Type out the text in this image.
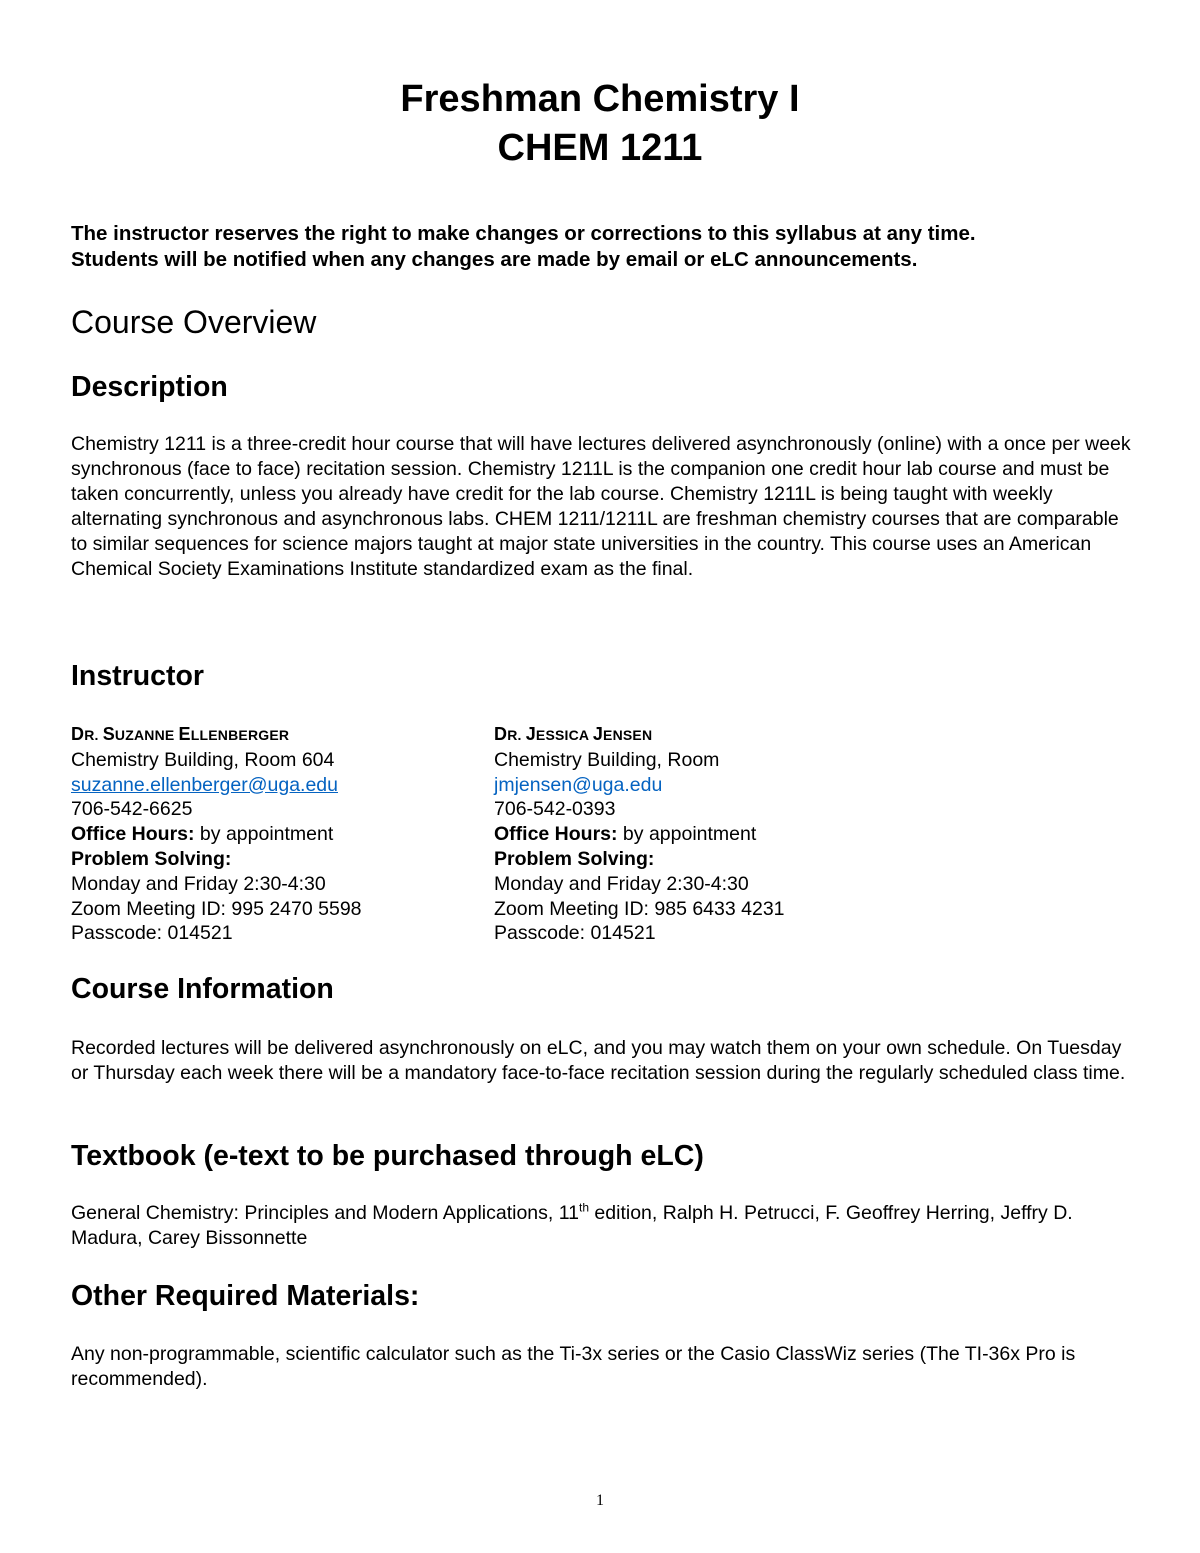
Freshman Chemistry I
CHEM 1211
The instructor reserves the right to make changes or corrections to this syllabus at any time.
Students will be notified when any changes are made by email or eLC announcements.
Course Overview
Description

Chemistry 1211 is a three-credit hour course that will have lectures delivered asynchronously (online) with a once per week synchronous (face to face) recitation session. Chemistry 1211L is the companion one credit hour lab course and must be taken concurrently, unless you already have credit for the lab course. Chemistry 1211L is being taught with weekly alternating synchronous and asynchronous labs. CHEM 1211/1211L are freshman chemistry courses that are comparable to similar sequences for science majors taught at major state universities in the country. This course uses an American Chemical Society Examinations Institute standardized exam as the final.

Instructor
DR. SUZANNE ELLENBERGER
Chemistry Building, Room 604
suzanne.ellenberger@uga.edu
706-542-6625
Office Hours: by appointment
Problem Solving:
Monday and Friday 2:30-4:30
Zoom Meeting ID: 995 2470 5598
Passcode: 014521
DR. JESSICA JENSEN
Chemistry Building, Room
jmjensen@uga.edu
706-542-0393
Office Hours: by appointment
Problem Solving:
Monday and Friday 2:30-4:30
Zoom Meeting ID: 985 6433 4231
Passcode: 014521
Course Information

Recorded lectures will be delivered asynchronously on eLC, and you may watch them on your own schedule. On Tuesday or Thursday each week there will be a mandatory face-to-face recitation session during the regularly scheduled class time.

Textbook (e-text to be purchased through eLC)

General Chemistry: Principles and Modern Applications, 11th edition, Ralph H. Petrucci, F. Geoffrey Herring, Jeffry D. Madura, Carey Bissonnette

Other Required Materials:

Any non-programmable, scientific calculator such as the Ti-3x series or the Casio ClassWiz series (The TI-36x Pro is recommended).

1
